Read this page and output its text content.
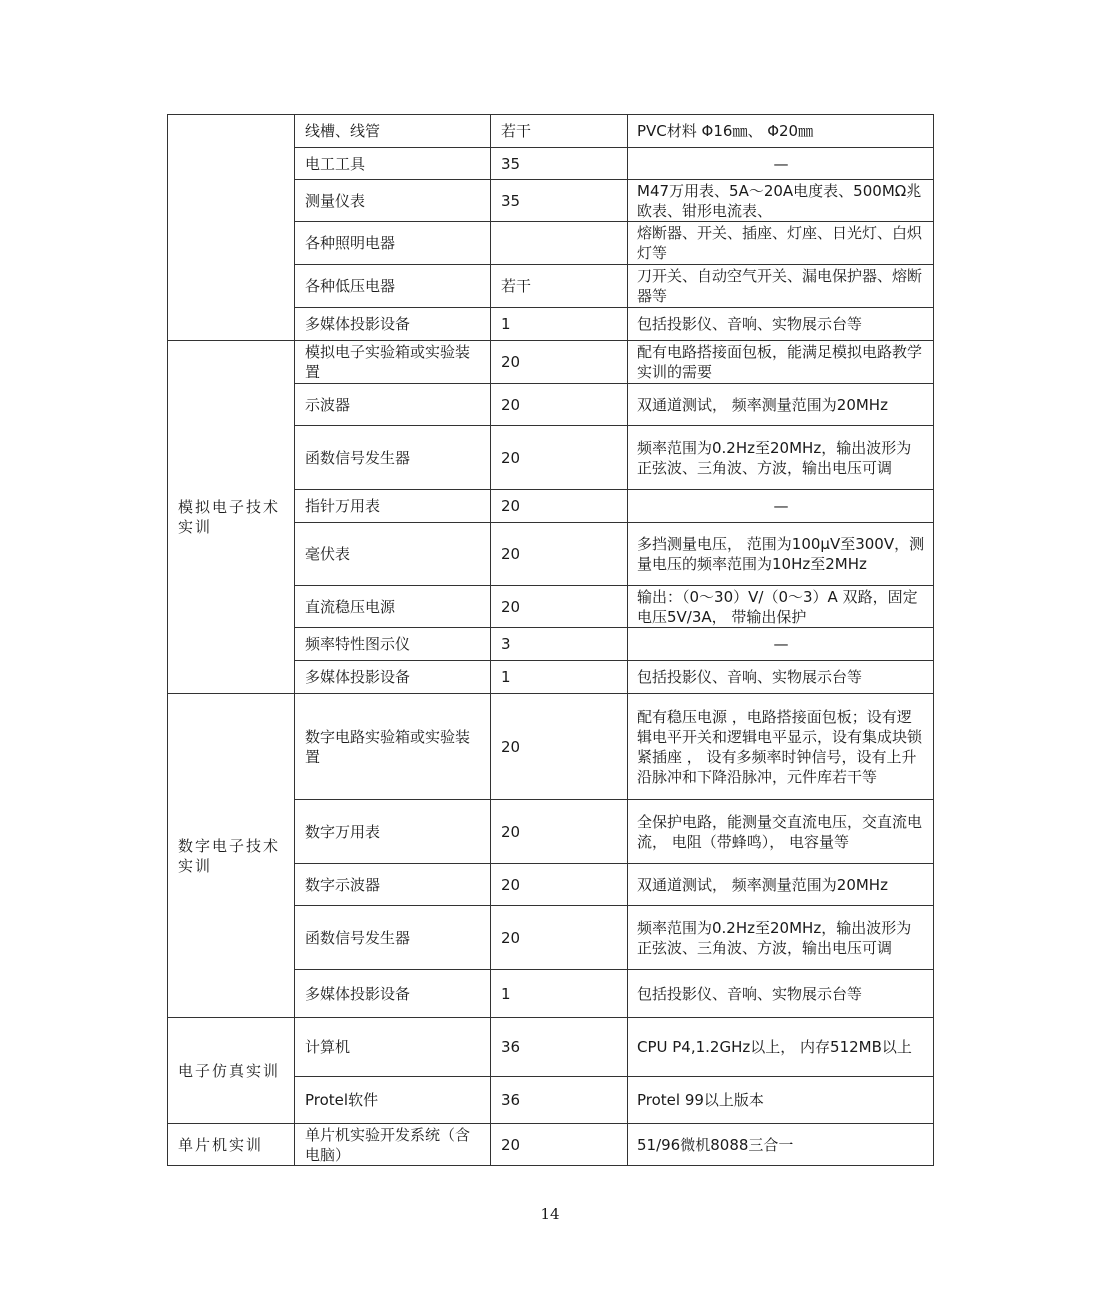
	线槽、线管	若干	PVC材料 Φ16㎜、 Φ20㎜
	电工工具	35	—
	测量仪表	35	M47万用表、5A～20A电度表、500MΩ兆欧表、钳形电流表、
	各种照明电器		熔断器、开关、插座、灯座、日光灯、白炽灯等
	各种低压电器	若干	刀开关、自动空气开关、漏电保护器、熔断器等
	多媒体投影设备	1	包括投影仪、音响、实物展示台等
模拟电子技术实训	模拟电子实验箱或实验装置	20	配有电路搭接面包板，能满足模拟电路教学实训的需要
	示波器	20	双通道测试， 频率测量范围为20MHz
	函数信号发生器	20	频率范围为0.2Hz至20MHz，输出波形为正弦波、三角波、方波，输出电压可调
	指针万用表	20	—
	毫伏表	20	多挡测量电压， 范围为100μV至300V，测量电压的频率范围为10Hz至2MHz
	直流稳压电源	20	输出：（0～30）V/（0～3）A 双路，固定电压5V/3A， 带输出保护
	频率特性图示仪	3	—
	多媒体投影设备	1	包括投影仪、音响、实物展示台等
数字电子技术实训	数字电路实验箱或实验装置	20	配有稳压电源 ，电路搭接面包板；设有逻辑电平开关和逻辑电平显示，设有集成块锁紧插座 ， 设有多频率时钟信号，设有上升沿脉冲和下降沿脉冲，元件库若干等
	数字万用表	20	全保护电路，能测量交直流电压，交直流电流， 电阻（带蜂鸣）， 电容量等
	数字示波器	20	双通道测试， 频率测量范围为20MHz
	函数信号发生器	20	频率范围为0.2Hz至20MHz，输出波形为正弦波、三角波、方波，输出电压可调
	多媒体投影设备	1	包括投影仪、音响、实物展示台等
电子仿真实训	计算机	36	CPU P4,1.2GHz以上， 内存512MB以上
	Protel软件	36	Protel 99以上版本
单片机实训	单片机实验开发系统（含电脑）	20	51/96微机8088三合一
14
